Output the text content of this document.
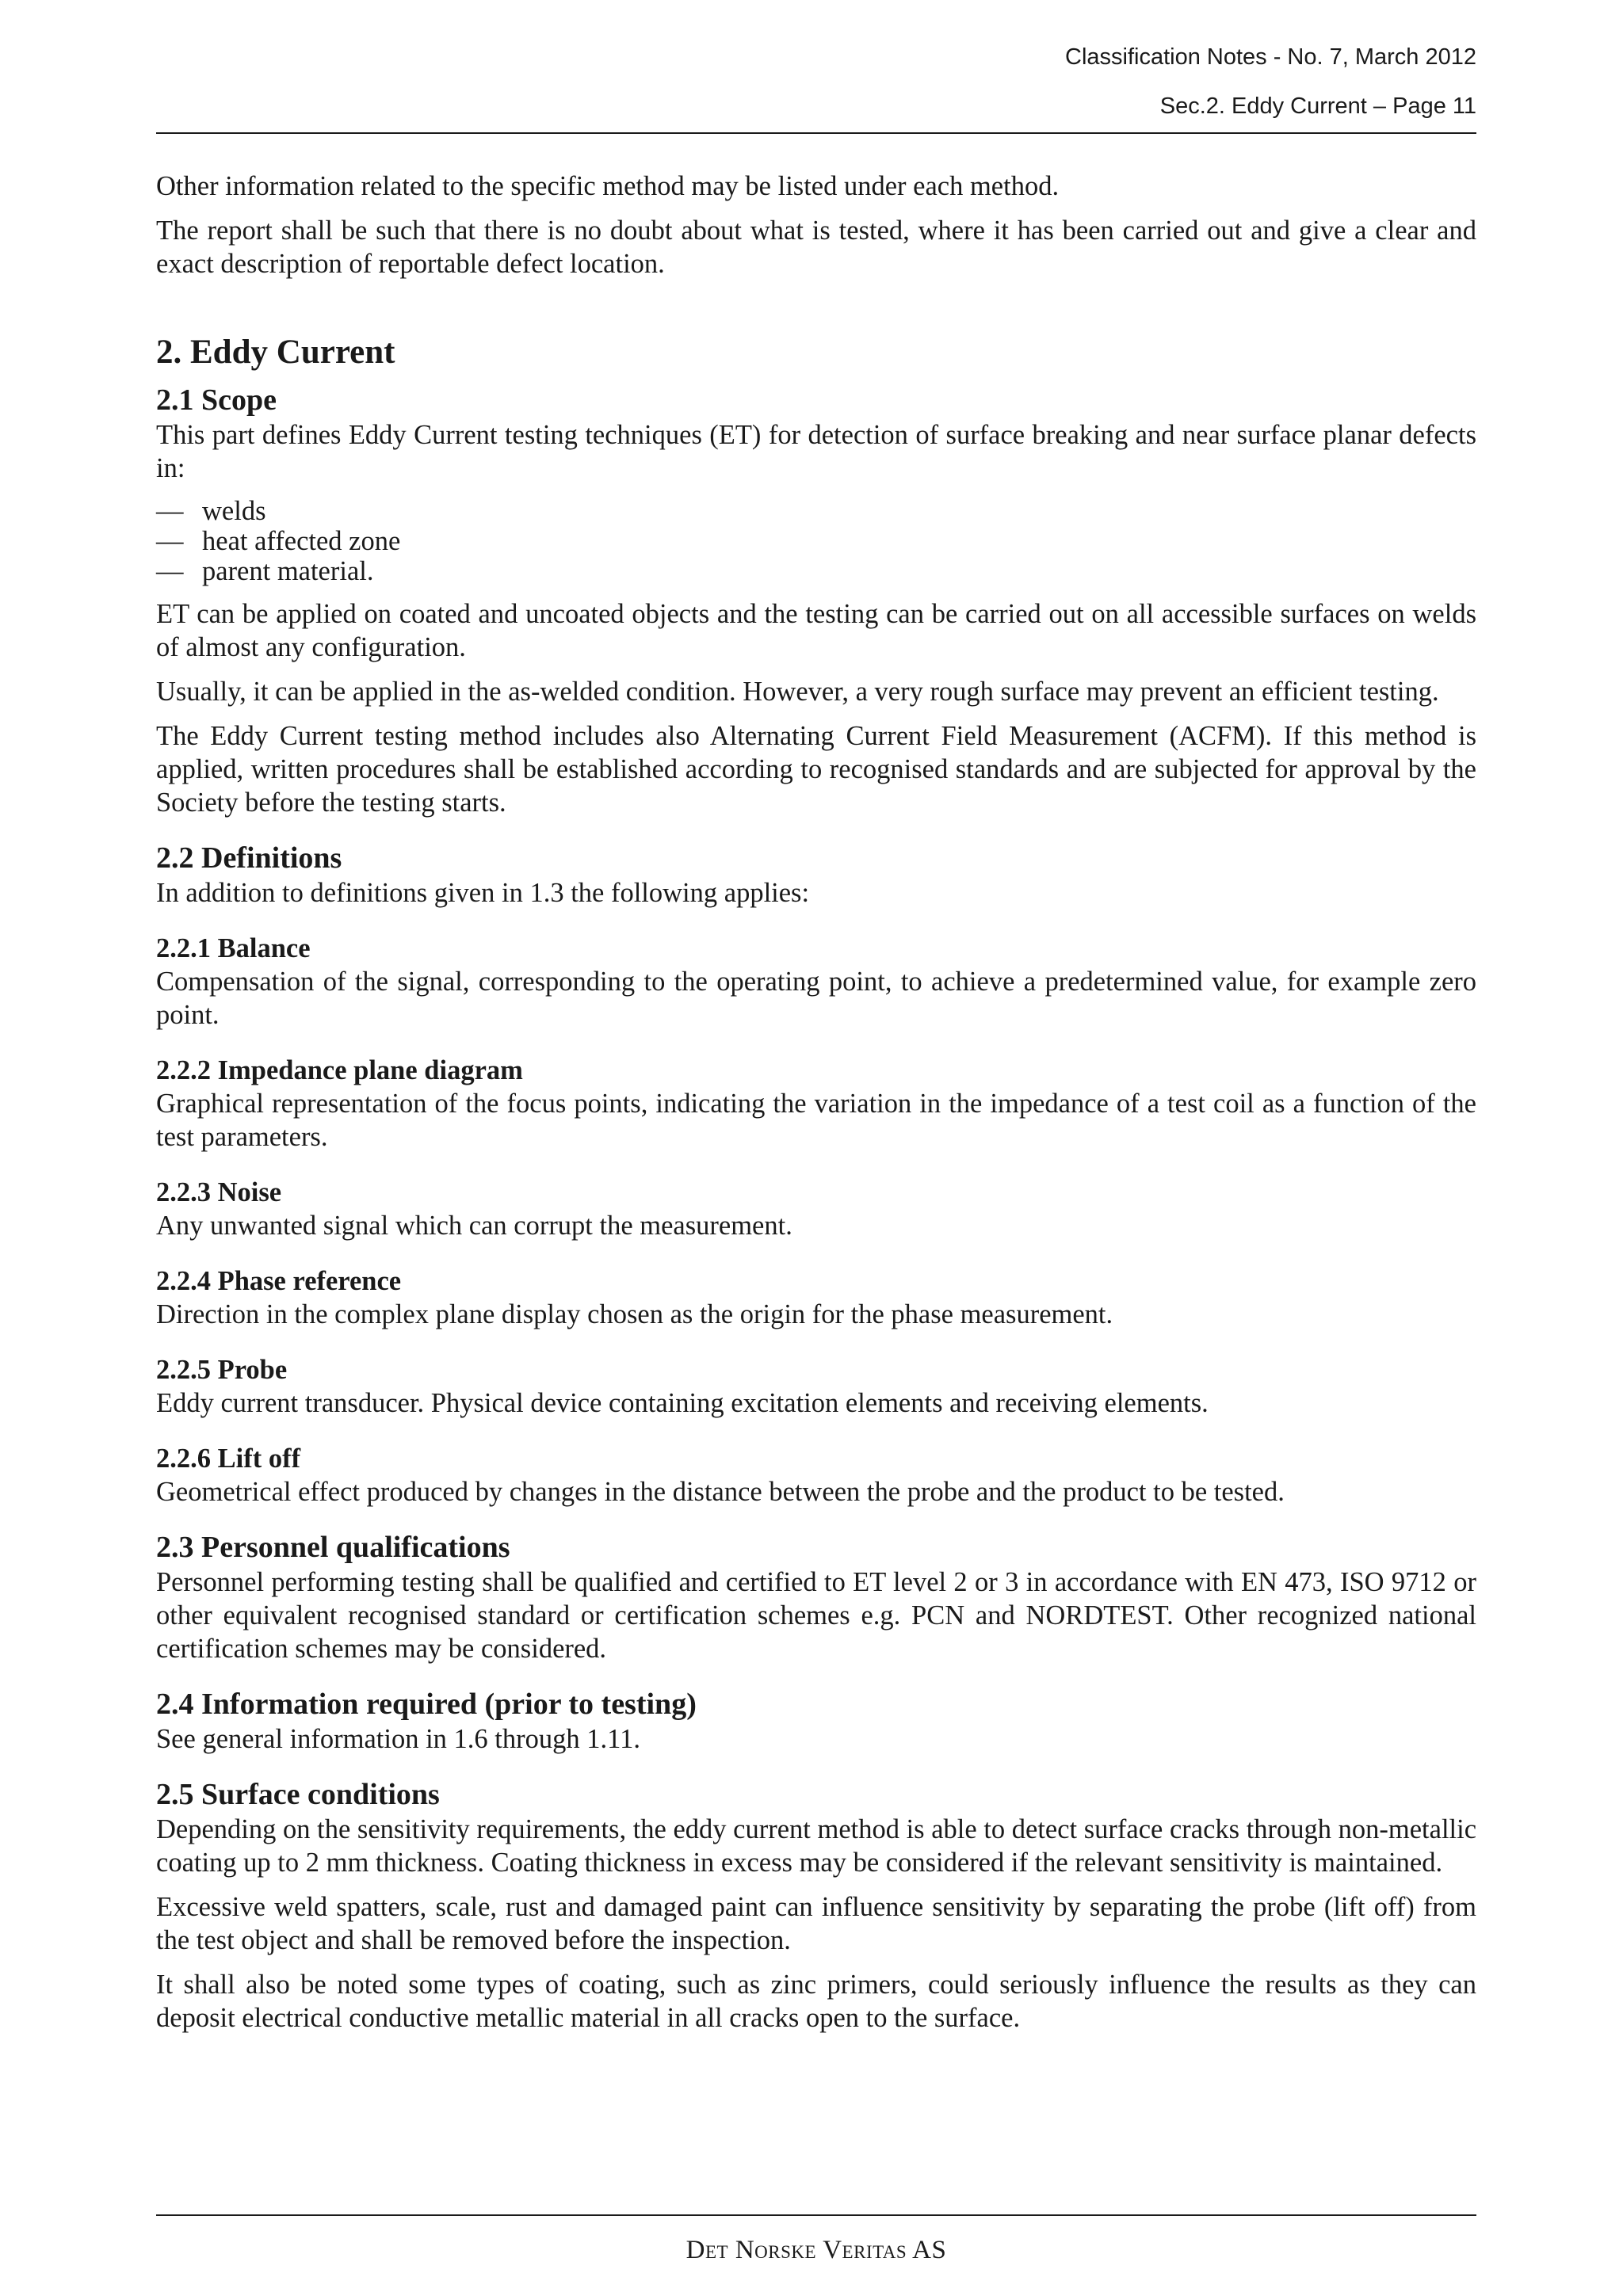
Classification Notes - No. 7, March 2012
Sec.2. Eddy Current – Page 11

Other information related to the specific method may be listed under each method.

The report shall be such that there is no doubt about what is tested, where it has been carried out and give a clear and exact description of reportable defect location.

2. Eddy Current
2.1 Scope

This part defines Eddy Current testing techniques (ET) for detection of surface breaking and near surface planar defects in:

— welds
— heat affected zone
— parent material.

ET can be applied on coated and uncoated objects and the testing can be carried out on all accessible surfaces on welds of almost any configuration.

Usually, it can be applied in the as-welded condition. However, a very rough surface may prevent an efficient testing.

The Eddy Current testing method includes also Alternating Current Field Measurement (ACFM). If this method is applied, written procedures shall be established according to recognised standards and are subjected for approval by the Society before the testing starts.

2.2 Definitions

In addition to definitions given in 1.3 the following applies:

2.2.1 Balance

Compensation of the signal, corresponding to the operating point, to achieve a predetermined value, for example zero point.

2.2.2 Impedance plane diagram

Graphical representation of the focus points, indicating the variation in the impedance of a test coil as a function of the test parameters.

2.2.3 Noise

Any unwanted signal which can corrupt the measurement.

2.2.4 Phase reference

Direction in the complex plane display chosen as the origin for the phase measurement.

2.2.5 Probe

Eddy current transducer. Physical device containing excitation elements and receiving elements.

2.2.6 Lift off

Geometrical effect produced by changes in the distance between the probe and the product to be tested.

2.3 Personnel qualifications

Personnel performing testing shall be qualified and certified to ET level 2 or 3 in accordance with EN 473, ISO 9712 or other equivalent recognised standard or certification schemes e.g. PCN and NORDTEST. Other recognized national certification schemes may be considered.

2.4 Information required (prior to testing)

See general information in 1.6 through 1.11.

2.5 Surface conditions

Depending on the sensitivity requirements, the eddy current method is able to detect surface cracks through non-metallic coating up to 2 mm thickness. Coating thickness in excess may be considered if the relevant sensitivity is maintained.

Excessive weld spatters, scale, rust and damaged paint can influence sensitivity by separating the probe (lift off) from the test object and shall be removed before the inspection.

It shall also be noted some types of coating, such as zinc primers, could seriously influence the results as they can deposit electrical conductive metallic material in all cracks open to the surface.

Det Norske Veritas AS
